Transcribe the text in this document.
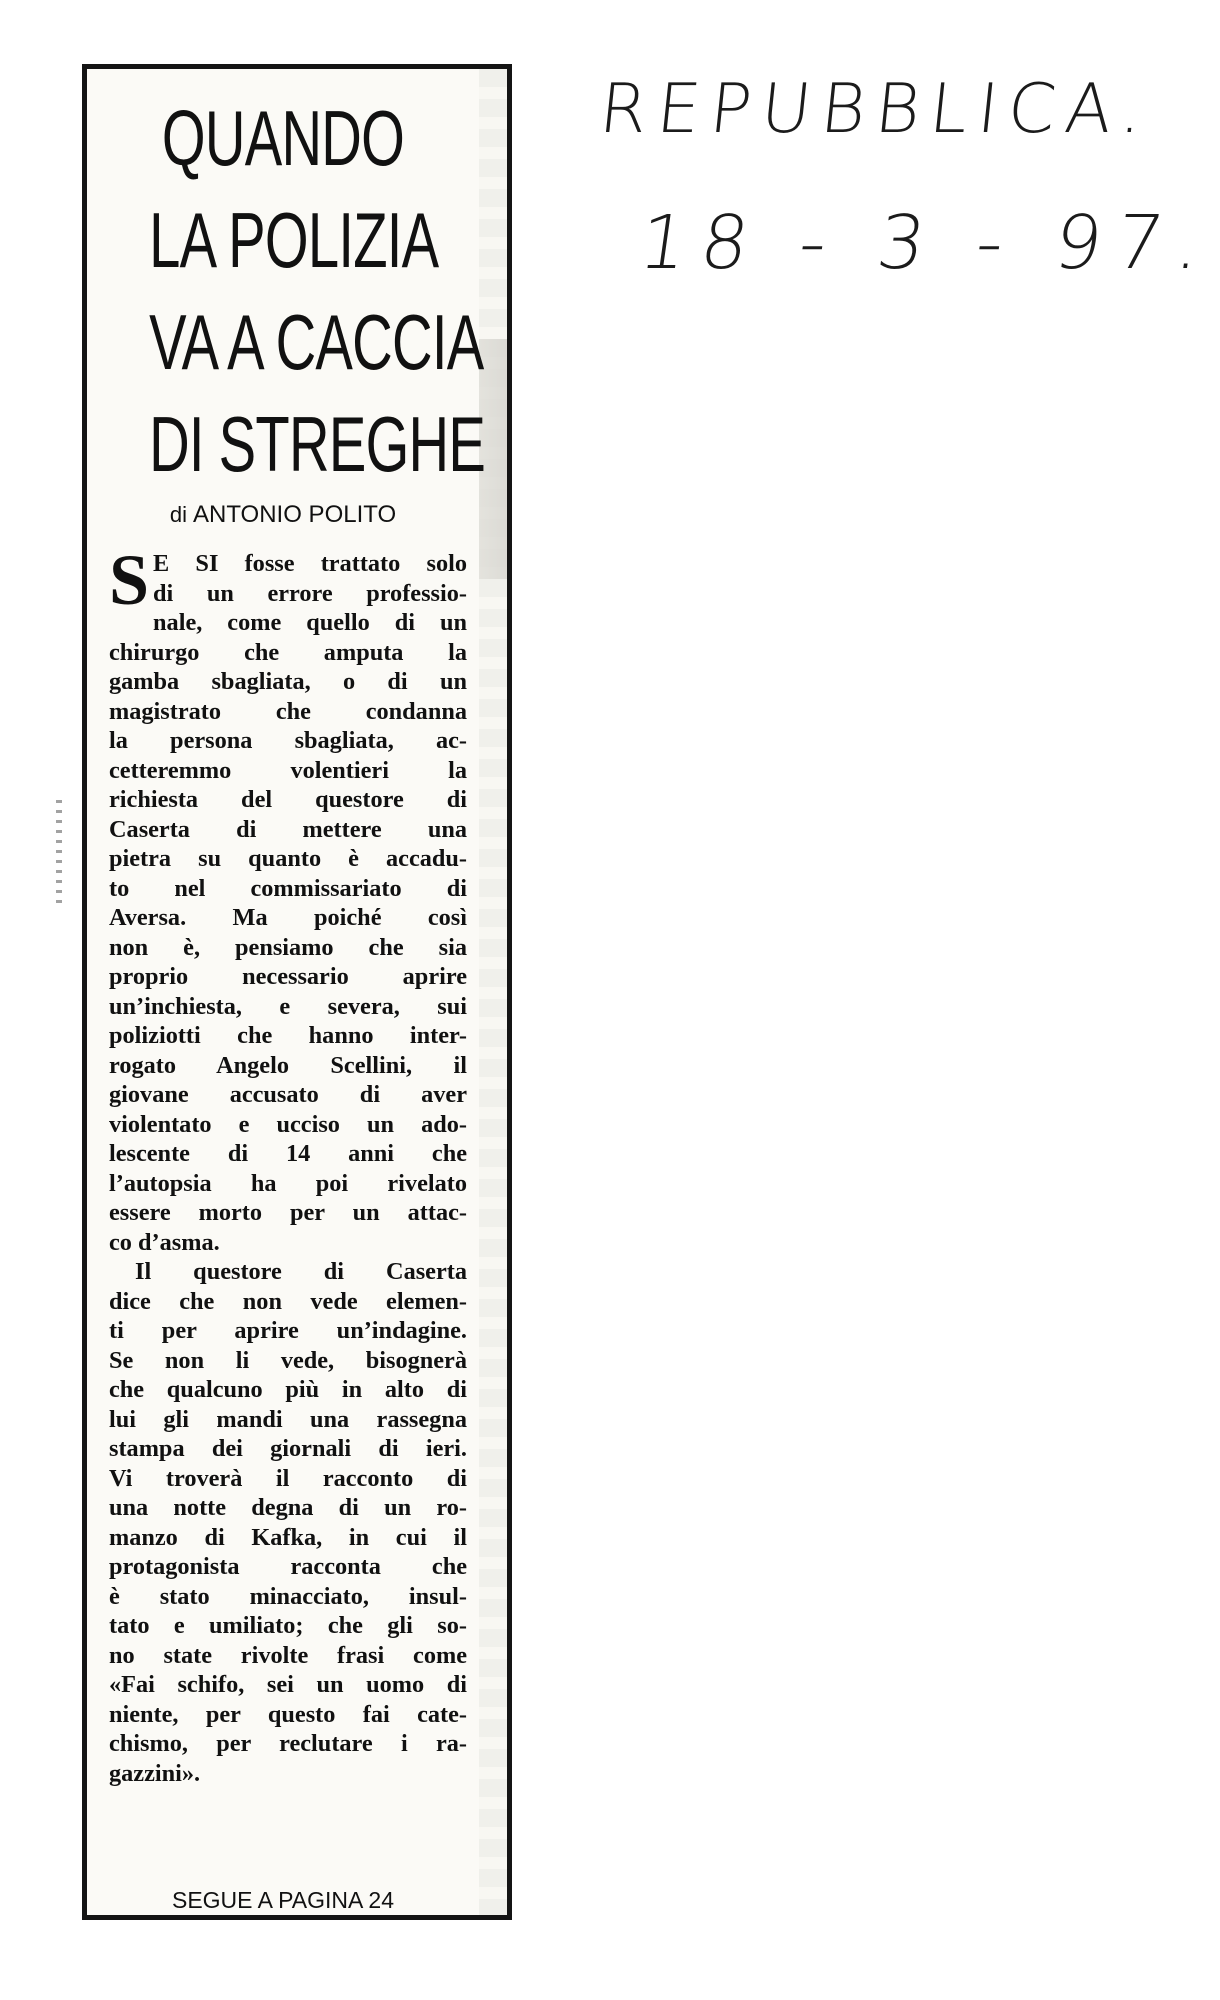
QUANDO
LA POLIZIA
VA A CACCIA
DI STREGHE
di ANTONIO POLITO
S E SI fosse trattato solo
di un errore professio-
nale, come quello di un
chirurgo che amputa la
gamba sbagliata, o di un
magistrato che condanna
la persona sbagliata, ac-
cetteremmo volentieri la
richiesta del questore di
Caserta di mettere una
pietra su quanto è accadu-
to nel commissariato di
Aversa. Ma poiché così
non è, pensiamo che sia
proprio necessario aprire
un’inchiesta, e severa, sui
poliziotti che hanno inter-
rogato Angelo Scellini, il
giovane accusato di aver
violentato e ucciso un ado-
lescente di 14 anni che
l’autopsia ha poi rivelato
essere morto per un attac-
co d’asma.
Il questore di Caserta
dice che non vede elemen-
ti per aprire un’indagine.
Se non li vede, bisognerà
che qualcuno più in alto di
lui gli mandi una rassegna
stampa dei giornali di ieri.
Vi troverà il racconto di
una notte degna di un ro-
manzo di Kafka, in cui il
protagonista racconta che
è stato minacciato, insul-
tato e umiliato; che gli so-
no state rivolte frasi come
«Fai schifo, sei un uomo di
niente, per questo fai cate-
chismo, per reclutare i ra-
gazzini».
SEGUE A PAGINA 24
REPUBBLICA.
18 - 3 - 97.
